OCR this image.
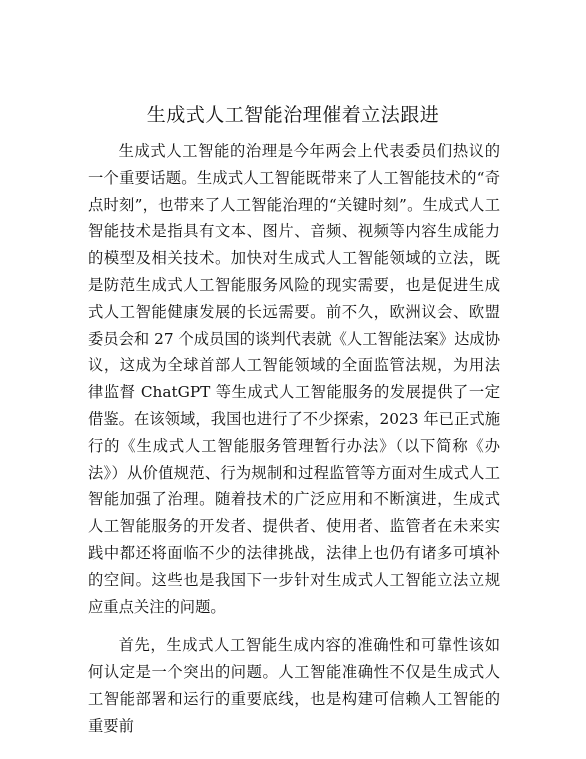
生成式人工智能治理催着立法跟进

生成式人工智能的治理是今年两会上代表委员们热议的一个重要话题。生成式人工智能既带来了人工智能技术的“奇点时刻”，也带来了人工智能治理的“关键时刻”。生成式人工智能技术是指具有文本、图片、音频、视频等内容生成能力的模型及相关技术。加快对生成式人工智能领域的立法，既是防范生成式人工智能服务风险的现实需要，也是促进生成式人工智能健康发展的长远需要。前不久，欧洲议会、欧盟委员会和 27 个成员国的谈判代表就《人工智能法案》达成协议，这成为全球首部人工智能领域的全面监管法规，为用法律监督 ChatGPT 等生成式人工智能服务的发展提供了一定借鉴。在该领域，我国也进行了不少探索，2023 年已正式施行的《生成式人工智能服务管理暂行办法》（以下简称《办法》）从价值规范、行为规制和过程监管等方面对生成式人工智能加强了治理。随着技术的广泛应用和不断演进，生成式人工智能服务的开发者、提供者、使用者、监管者在未来实践中都还将面临不少的法律挑战，法律上也仍有诸多可填补的空间。这些也是我国下一步针对生成式人工智能立法立规应重点关注的问题。

首先，生成式人工智能生成内容的准确性和可靠性该如何认定是一个突出的问题。人工智能准确性不仅是生成式人工智能部署和运行的重要底线，也是构建可信赖人工智能的重要前
